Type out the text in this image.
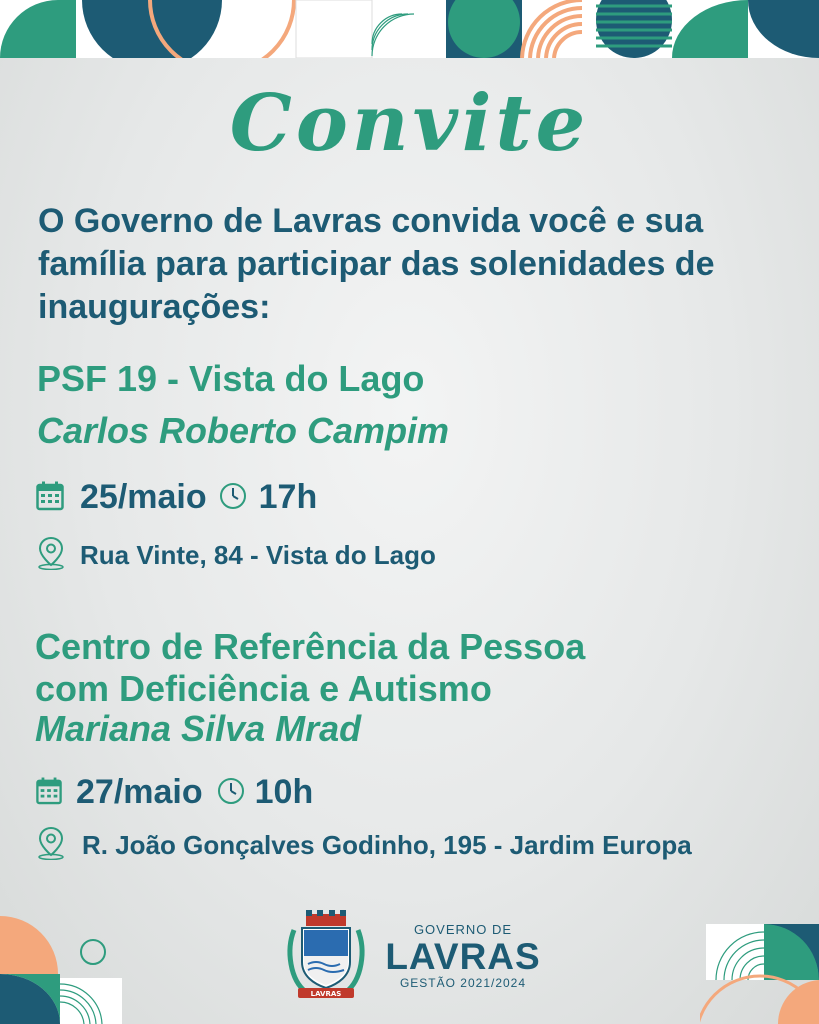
Convite
O Governo de Lavras convida você e sua família para participar das solenidades de inaugurações:
PSF 19 - Vista do Lago
Carlos Roberto Campim
25/maio 17h
Rua Vinte, 84 - Vista do Lago
Centro de Referência da Pessoa
com Deficiência e Autismo
Mariana Silva Mrad
27/maio 10h
R. João Gonçalves Godinho, 195 - Jardim Europa
LAVRAS
GOVERNO DE
LAVRAS
GESTÃO 2021/2024
